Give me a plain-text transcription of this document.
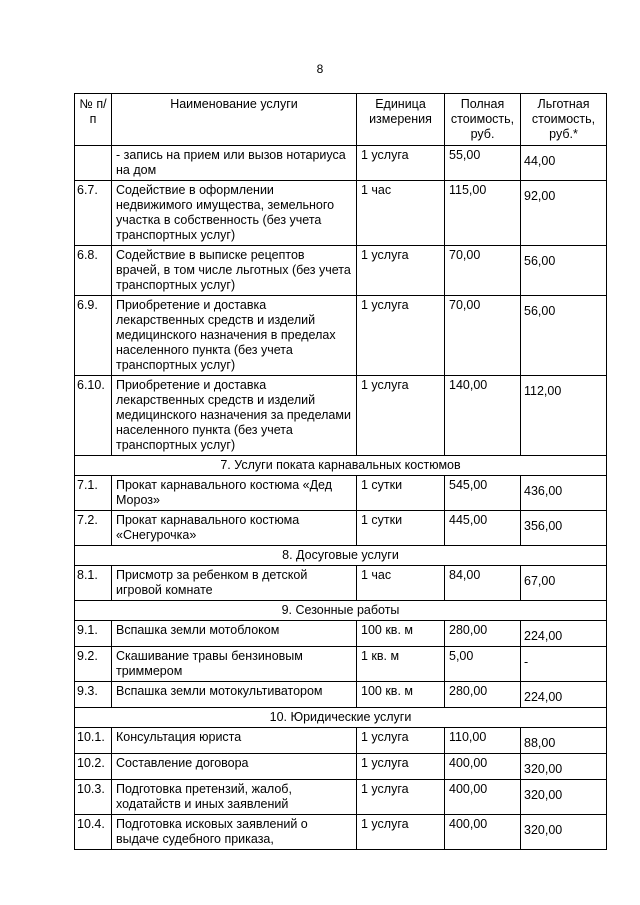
8
№ п/п	Наименование услуги	Единица измерения	Полная стоимость, руб.	Льготная стоимость, руб.*
	- запись на прием или вызов нотариуса на дом	1 услуга	55,00	44,00
6.7.	Содействие в оформлении недвижимого имущества, земельного участка в собственность (без учета транспортных услуг)	1 час	115,00	92,00
6.8.	Содействие в выписке рецептов врачей, в том числе льготных (без учета транспортных услуг)	1 услуга	70,00	56,00
6.9.	Приобретение и доставка лекарственных средств и изделий медицинского назначения в пределах населенного пункта (без учета транспортных услуг)	1 услуга	70,00	56,00
6.10.	Приобретение и доставка лекарственных средств и изделий медицинского назначения за пределами населенного пункта (без учета транспортных услуг)	1 услуга	140,00	112,00
7. Услуги поката карнавальных костюмов				
7.1.	Прокат карнавального костюма «Дед Мороз»	1 сутки	545,00	436,00
7.2.	Прокат карнавального костюма «Снегурочка»	1 сутки	445,00	356,00
8. Досуговые услуги				
8.1.	Присмотр за ребенком в детской игровой комнате	1 час	84,00	67,00
9. Сезонные работы				
9.1.	Вспашка земли мотоблоком	100 кв. м	280,00	224,00
9.2.	Скашивание травы бензиновым триммером	1 кв. м	5,00	-
9.3.	Вспашка земли мотокультиватором	100 кв. м	280,00	224,00
10. Юридические услуги				
10.1.	Консультация юриста	1 услуга	110,00	88,00
10.2.	Составление договора	1 услуга	400,00	320,00
10.3.	Подготовка претензий, жалоб, ходатайств и иных заявлений	1 услуга	400,00	320,00
10.4.	Подготовка исковых заявлений о выдаче судебного приказа,	1 услуга	400,00	320,00
